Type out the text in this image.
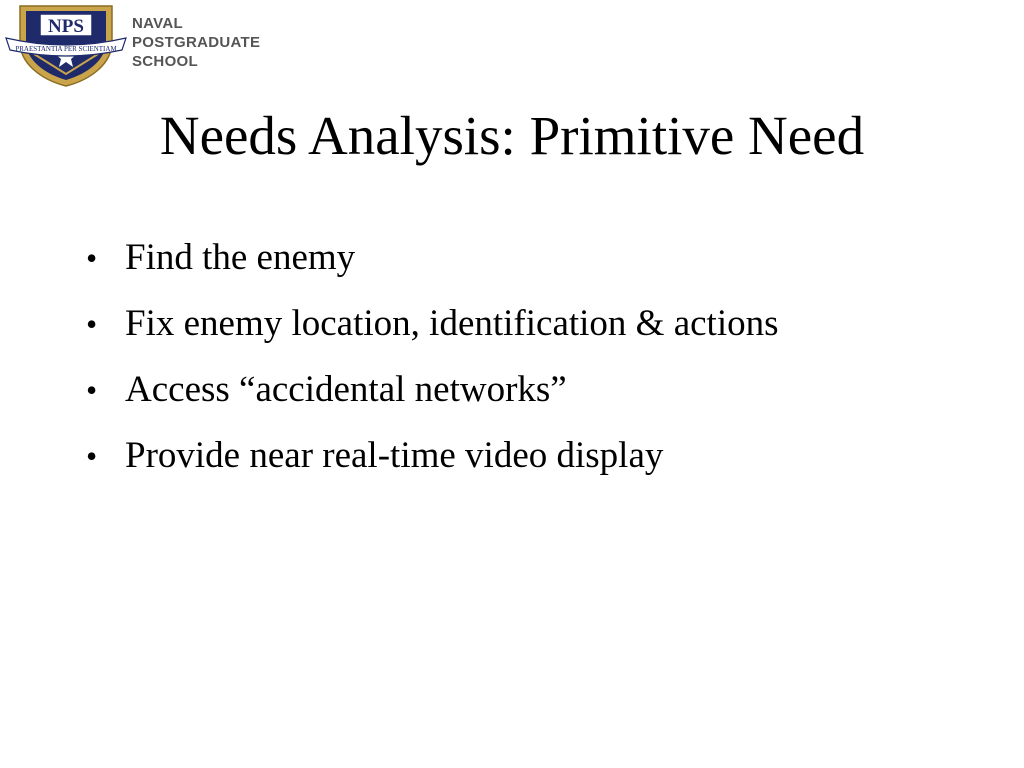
NPS
PRAESTANTIA PER SCIENTIAM
NAVAL
POSTGRADUATE
SCHOOL
Needs Analysis: Primitive Need
• Find the enemy
• Fix enemy location, identification & actions
• Access “accidental networks”
• Provide near real-time video display
